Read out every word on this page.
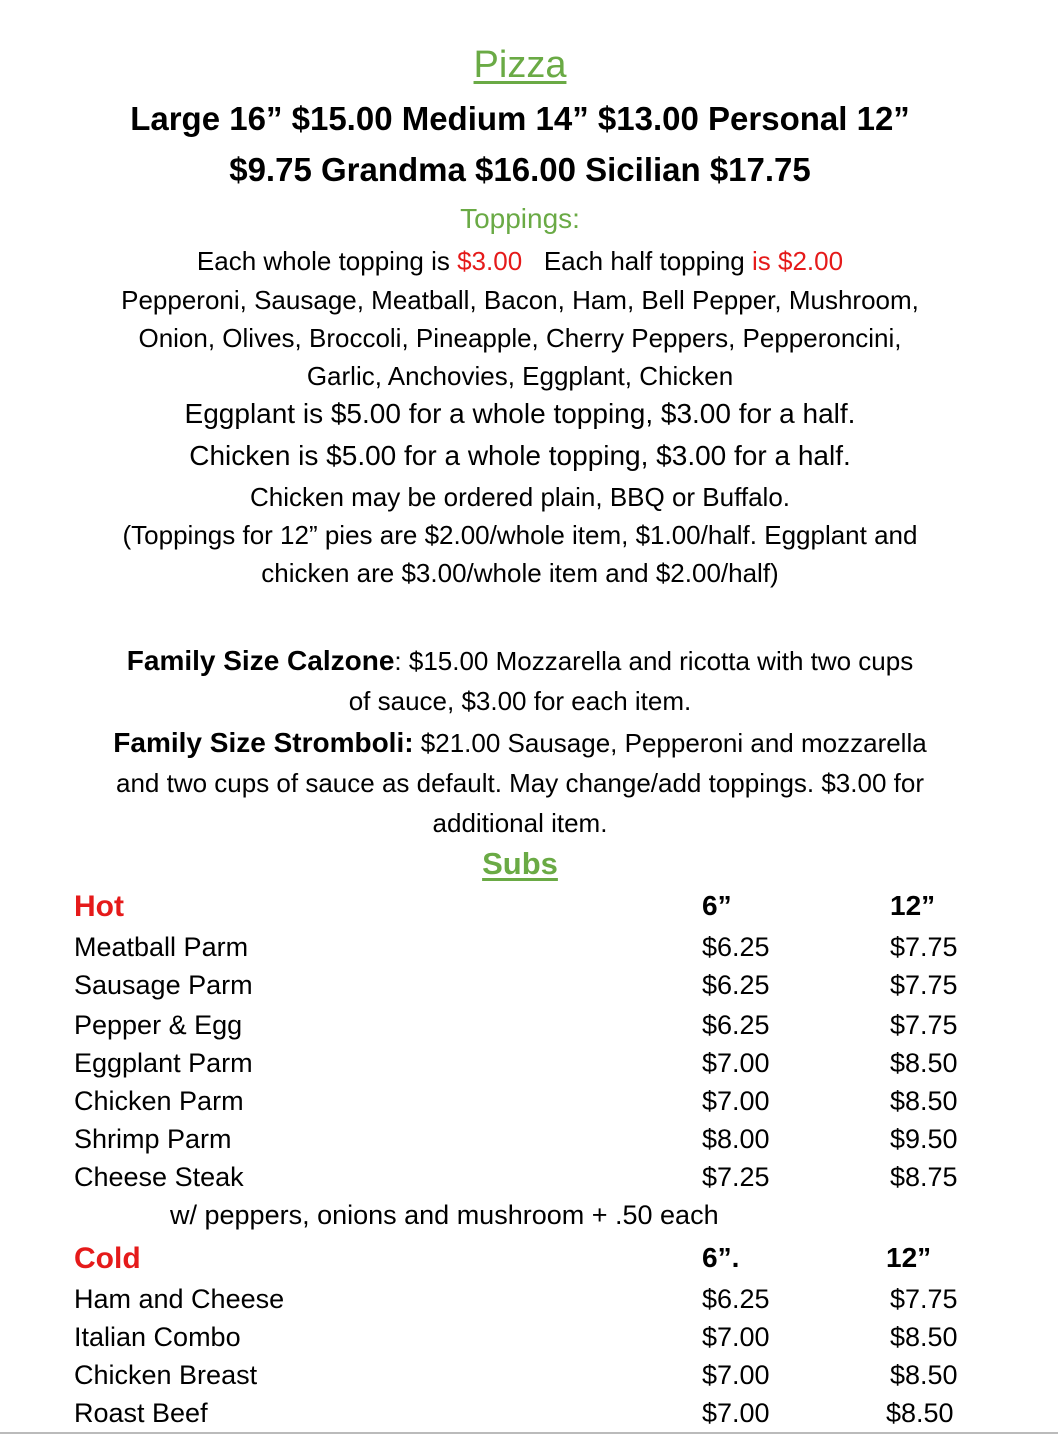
Pizza
Large 16” $15.00 Medium 14” $13.00 Personal 12”
$9.75 Grandma $16.00 Sicilian $17.75
Toppings:
Each whole topping is $3.00   Each half topping is $2.00
Pepperoni, Sausage, Meatball, Bacon, Ham, Bell Pepper, Mushroom,
Onion, Olives, Broccoli, Pineapple, Cherry Peppers, Pepperoncini,
Garlic, Anchovies, Eggplant, Chicken
Eggplant is $5.00 for a whole topping, $3.00 for a half.
Chicken is $5.00 for a whole topping, $3.00 for a half.
Chicken may be ordered plain, BBQ or Buffalo.
(Toppings for 12” pies are $2.00/whole item, $1.00/half. Eggplant and
chicken are $3.00/whole item and $2.00/half)
Family Size Calzone: $15.00 Mozzarella and ricotta with two cups
of sauce, $3.00 for each item.
Family Size Stromboli: $21.00 Sausage, Pepperoni and mozzarella
and two cups of sauce as default. May change/add toppings. $3.00 for
additional item.
Subs
Hot	6”	12”
Meatball Parm	$6.25	$7.75
Sausage Parm	$6.25	$7.75
Pepper & Egg	$6.25	$7.75
Eggplant Parm	$7.00	$8.50
Chicken Parm	$7.00	$8.50
Shrimp Parm	$8.00	$9.50
Cheese Steak	$7.25	$8.75
w/ peppers, onions and mushroom + .50 each
Cold	6”.	12”
Ham and Cheese	$6.25	$7.75
Italian Combo	$7.00	$8.50
Chicken Breast	$7.00	$8.50
Roast Beef	$7.00	$8.50
